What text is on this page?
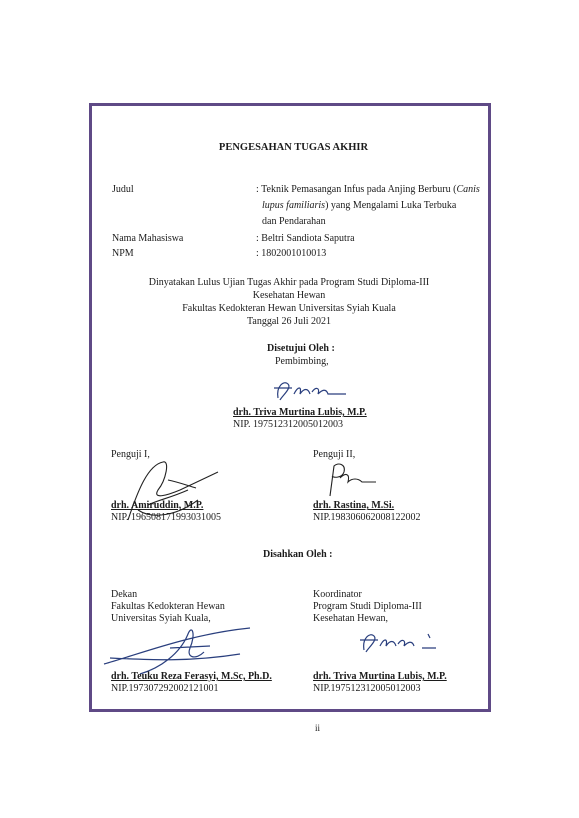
PENGESAHAN TUGAS AKHIR
Judul	: Teknik Pemasangan Infus pada Anjing Berburu (Canis
lupus familiaris) yang Mengalami Luka Terbuka
dan Pendarahan
Nama Mahasiswa	: Beltri Sandiota Saputra
NPM	: 1802001010013
Dinyatakan Lulus Ujian Tugas Akhir pada Program Studi Diploma-III
Kesehatan Hewan
Fakultas Kedokteran Hewan Universitas Syiah Kuala
Tanggal 26 Juli 2021
Disetujui Oleh :
Pembimbing,
drh. Triva Murtina Lubis, M.P.
NIP. 197512312005012003
Penguji I,
drh. Amiruddin, M.P.
NIP. 196508171993031005
Penguji II,
drh. Rastina, M.Si.
NIP.198306062008122002
Disahkan Oleh :
Dekan
Fakultas Kedokteran Hewan
Universitas Syiah Kuala,
drh. Teuku Reza Ferasyi, M.Sc, Ph.D.
NIP.197307292002121001
Koordinator
Program Studi Diploma-III
Kesehatan Hewan,
drh. Triva Murtina Lubis, M.P.
NIP.197512312005012003
ii
